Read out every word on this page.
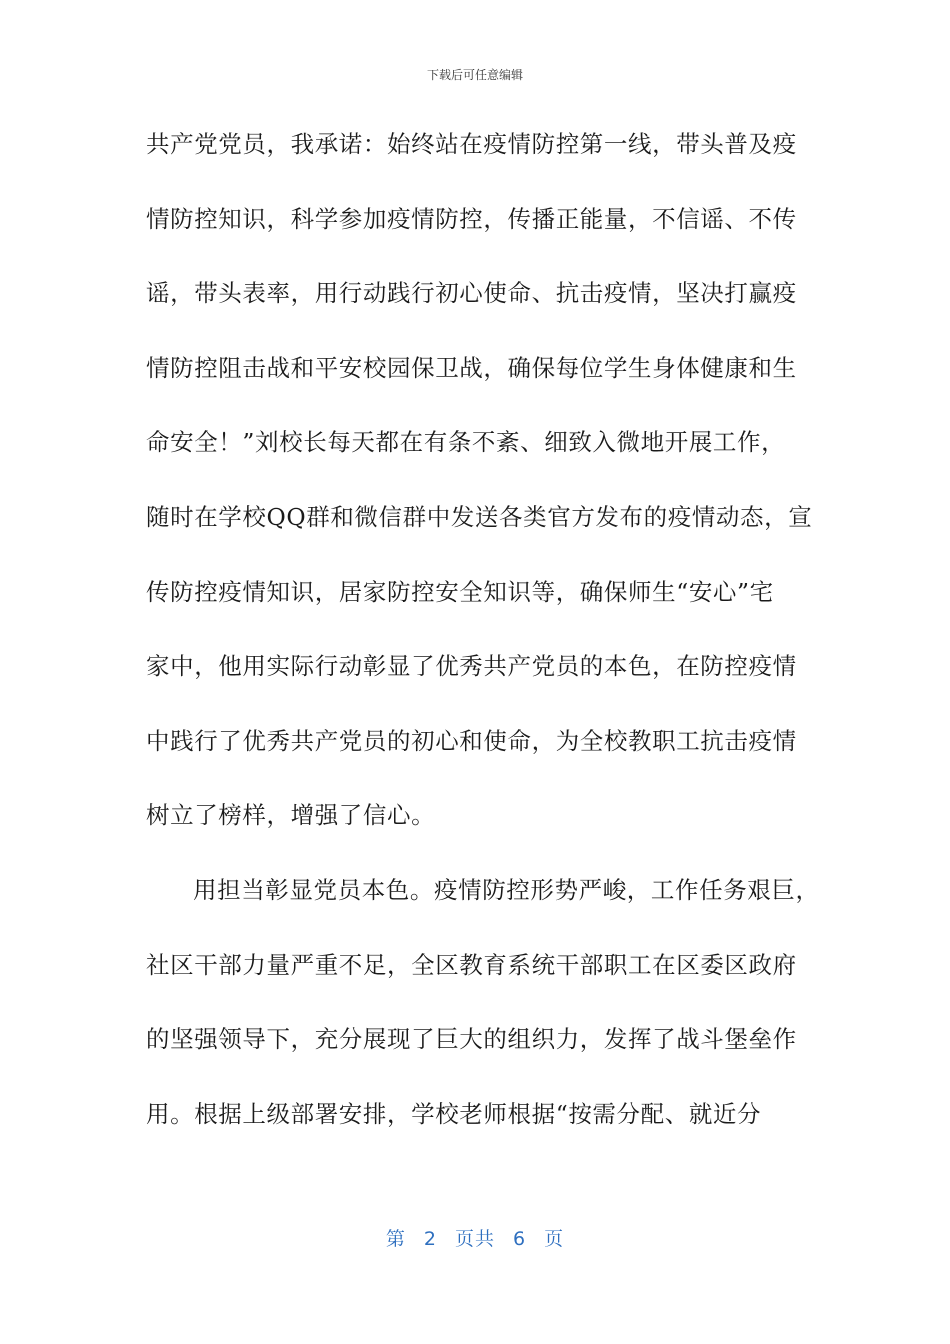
下载后可任意编辑
共产党党员，我承诺：始终站在疫情防控第一线，带头普及疫
情防控知识，科学参加疫情防控，传播正能量，不信谣、不传
谣，带头表率，用行动践行初心使命、抗击疫情，坚决打赢疫
情防控阻击战和平安校园保卫战，确保每位学生身体健康和生
命安全！”刘校长每天都在有条不紊、细致入微地开展工作，
随时在学校QQ群和微信群中发送各类官方发布的疫情动态，宣
传防控疫情知识，居家防控安全知识等，确保师生“安心”宅
家中，他用实际行动彰显了优秀共产党员的本色，在防控疫情
中践行了优秀共产党员的初心和使命，为全校教职工抗击疫情
树立了榜样，增强了信心。
用担当彰显党员本色。疫情防控形势严峻，工作任务艰巨，
社区干部力量严重不足，全区教育系统干部职工在区委区政府
的坚强领导下，充分展现了巨大的组织力，发挥了战斗堡垒作
用。根据上级部署安排，学校老师根据“按需分配、就近分
第 2 页共 6 页
